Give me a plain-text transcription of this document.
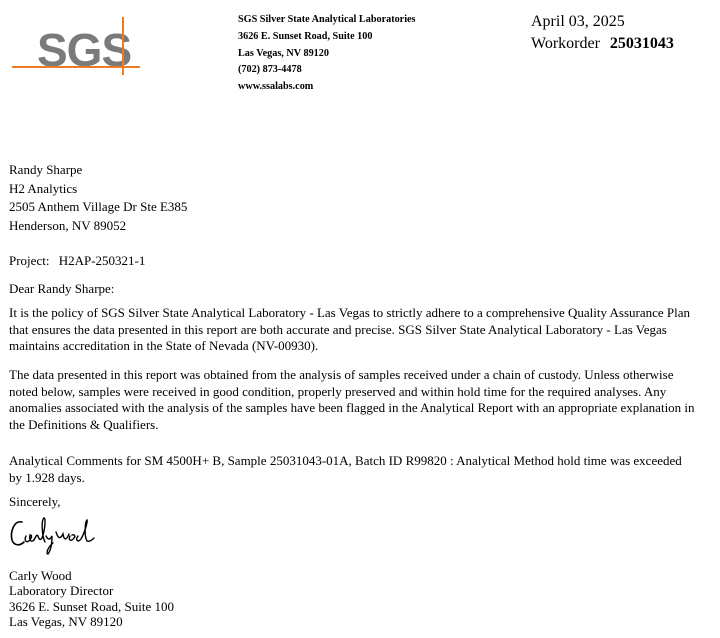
SGS
SGS Silver State Analytical Laboratories
3626 E. Sunset Road, Suite 100
Las Vegas, NV 89120
(702) 873-4478
www.ssalabs.com
April 03, 2025
Workorder 25031043
Randy Sharpe
H2 Analytics
2505 Anthem Village Dr Ste E385
Henderson, NV 89052
Project: H2AP-250321-1
Dear Randy Sharpe:
It is the policy of SGS Silver State Analytical Laboratory - Las Vegas to strictly adhere to a comprehensive Quality Assurance Plan
that ensures the data presented in this report are both accurate and precise. SGS Silver State Analytical Laboratory - Las Vegas
maintains accreditation in the State of Nevada (NV-00930).
The data presented in this report was obtained from the analysis of samples received under a chain of custody. Unless otherwise
noted below, samples were received in good condition, properly preserved and within hold time for the required analyses. Any
anomalies associated with the analysis of the samples have been flagged in the Analytical Report with an appropriate explanation in
the Definitions & Qualifiers.
Analytical Comments for SM 4500H+ B, Sample 25031043-01A, Batch ID R99820 : Analytical Method hold time was exceeded
by 1.928 days.
Sincerely,
Carly Wood
Laboratory Director
3626 E. Sunset Road, Suite 100
Las Vegas, NV 89120
